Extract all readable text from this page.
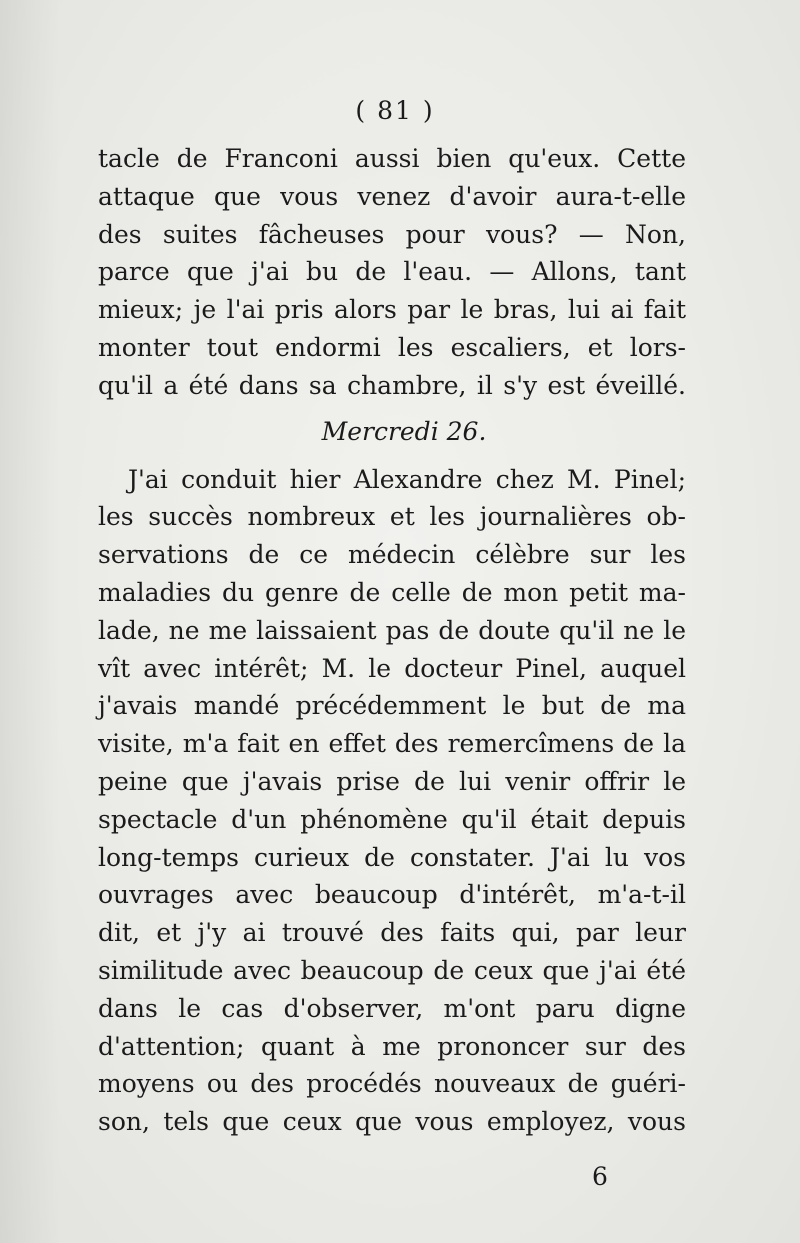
( 81 )
tacle de Franconi aussi bien qu'eux. Cette
attaque que vous venez d'avoir aura-t-elle
des suites fâcheuses pour vous? — Non,
parce que j'ai bu de l'eau. — Allons, tant
mieux; je l'ai pris alors par le bras, lui ai fait
monter tout endormi les escaliers, et lors-
qu'il a été dans sa chambre, il s'y est éveillé.
Mercredi 26.
J'ai conduit hier Alexandre chez M. Pinel;
les succès nombreux et les journalières ob-
servations de ce médecin célèbre sur les
maladies du genre de celle de mon petit ma-
lade, ne me laissaient pas de doute qu'il ne le
vît avec intérêt; M. le docteur Pinel, auquel
j'avais mandé précédemment le but de ma
visite, m'a fait en effet des remercîmens de la
peine que j'avais prise de lui venir offrir le
spectacle d'un phénomène qu'il était depuis
long-temps curieux de constater. J'ai lu vos
ouvrages avec beaucoup d'intérêt, m'a-t-il
dit, et j'y ai trouvé des faits qui, par leur
similitude avec beaucoup de ceux que j'ai été
dans le cas d'observer, m'ont paru digne
d'attention; quant à me prononcer sur des
moyens ou des procédés nouveaux de guéri-
son, tels que ceux que vous employez, vous
6
